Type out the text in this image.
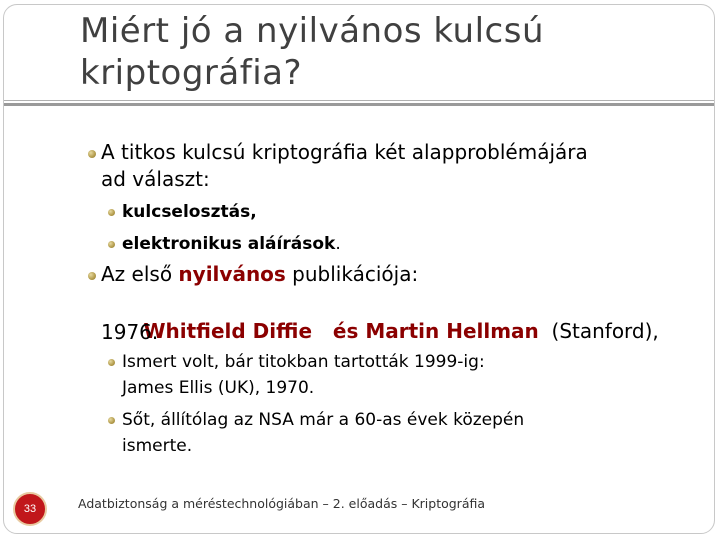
Miért jó a nyilvános kulcsú
kriptográfia?
A titkos kulcsú kriptográfia két alapproblémájára
ad választ:
kulcselosztás,
elektronikus aláírások.
Az első nyilvános publikációja:

Whitfield Diffie   és Martin Hellman  (Stanford),

1976.
Ismert volt, bár titokban tartották 1999-ig:
James Ellis (UK), 1970.
Sőt, állítólag az NSA már a 60-as évek közepén
ismerte.
33	Adatbiztonság a méréstechnológiában – 2. előadás – Kriptográfia
